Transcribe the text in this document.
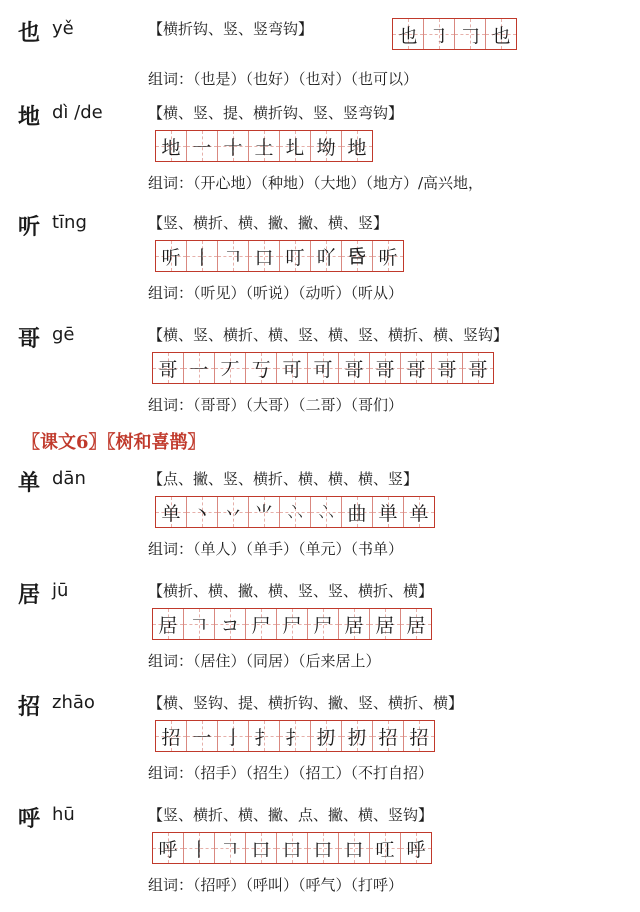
也 yě	【横折钩、竖、竖弯钩】	也 ㇆ 𠃌 也
组词：（也是）（也好）（也对）（也可以）
地 dì /de	【横、竖、提、横折钩、竖、竖弯钩】
地 一 十 土 圠 坳 地
组词：（开心地）（种地）（大地）（地方）/高兴地，
听 tīng	【竖、横折、横、撇、撇、横、竖】
听 丨 𠃍 口 叮 吖 𠯑 听
组词：（听见）（听说）（动听）（听从）
哥 gē	【横、竖、横折、横、竖、横、竖、横折、横、竖钩】
哥 一 丆 丂 可 可 哥 哥 哥 哥 哥
组词：（哥哥）（大哥）（二哥）（哥们）
〖课文6〗〖树和喜鹊〗
单 dān	【点、撇、竖、横折、横、横、横、竖】
单 丶 丷 ⺌ 𠁼 𠁼 曲 単 单
组词：（单人）（单手）（单元）（书单）
居 jū	【横折、横、撇、横、竖、竖、横折、横】
居 𠃍 コ 尸 尸 尸 居 居 居
组词：（居住）（同居）（后来居上）
招 zhāo	【横、竖钩、提、横折钩、撇、竖、横折、横】
招 一 亅 扌 扌 扨 扨 招 招
组词：（招手）（招生）（招工）（不打自招）
呼 hū	【竖、横折、横、撇、点、撇、横、竖钩】
呼 丨 𠃍 口 口 口 口 叿 呼
组词：（招呼）（呼叫）（呼气）（打呼）
